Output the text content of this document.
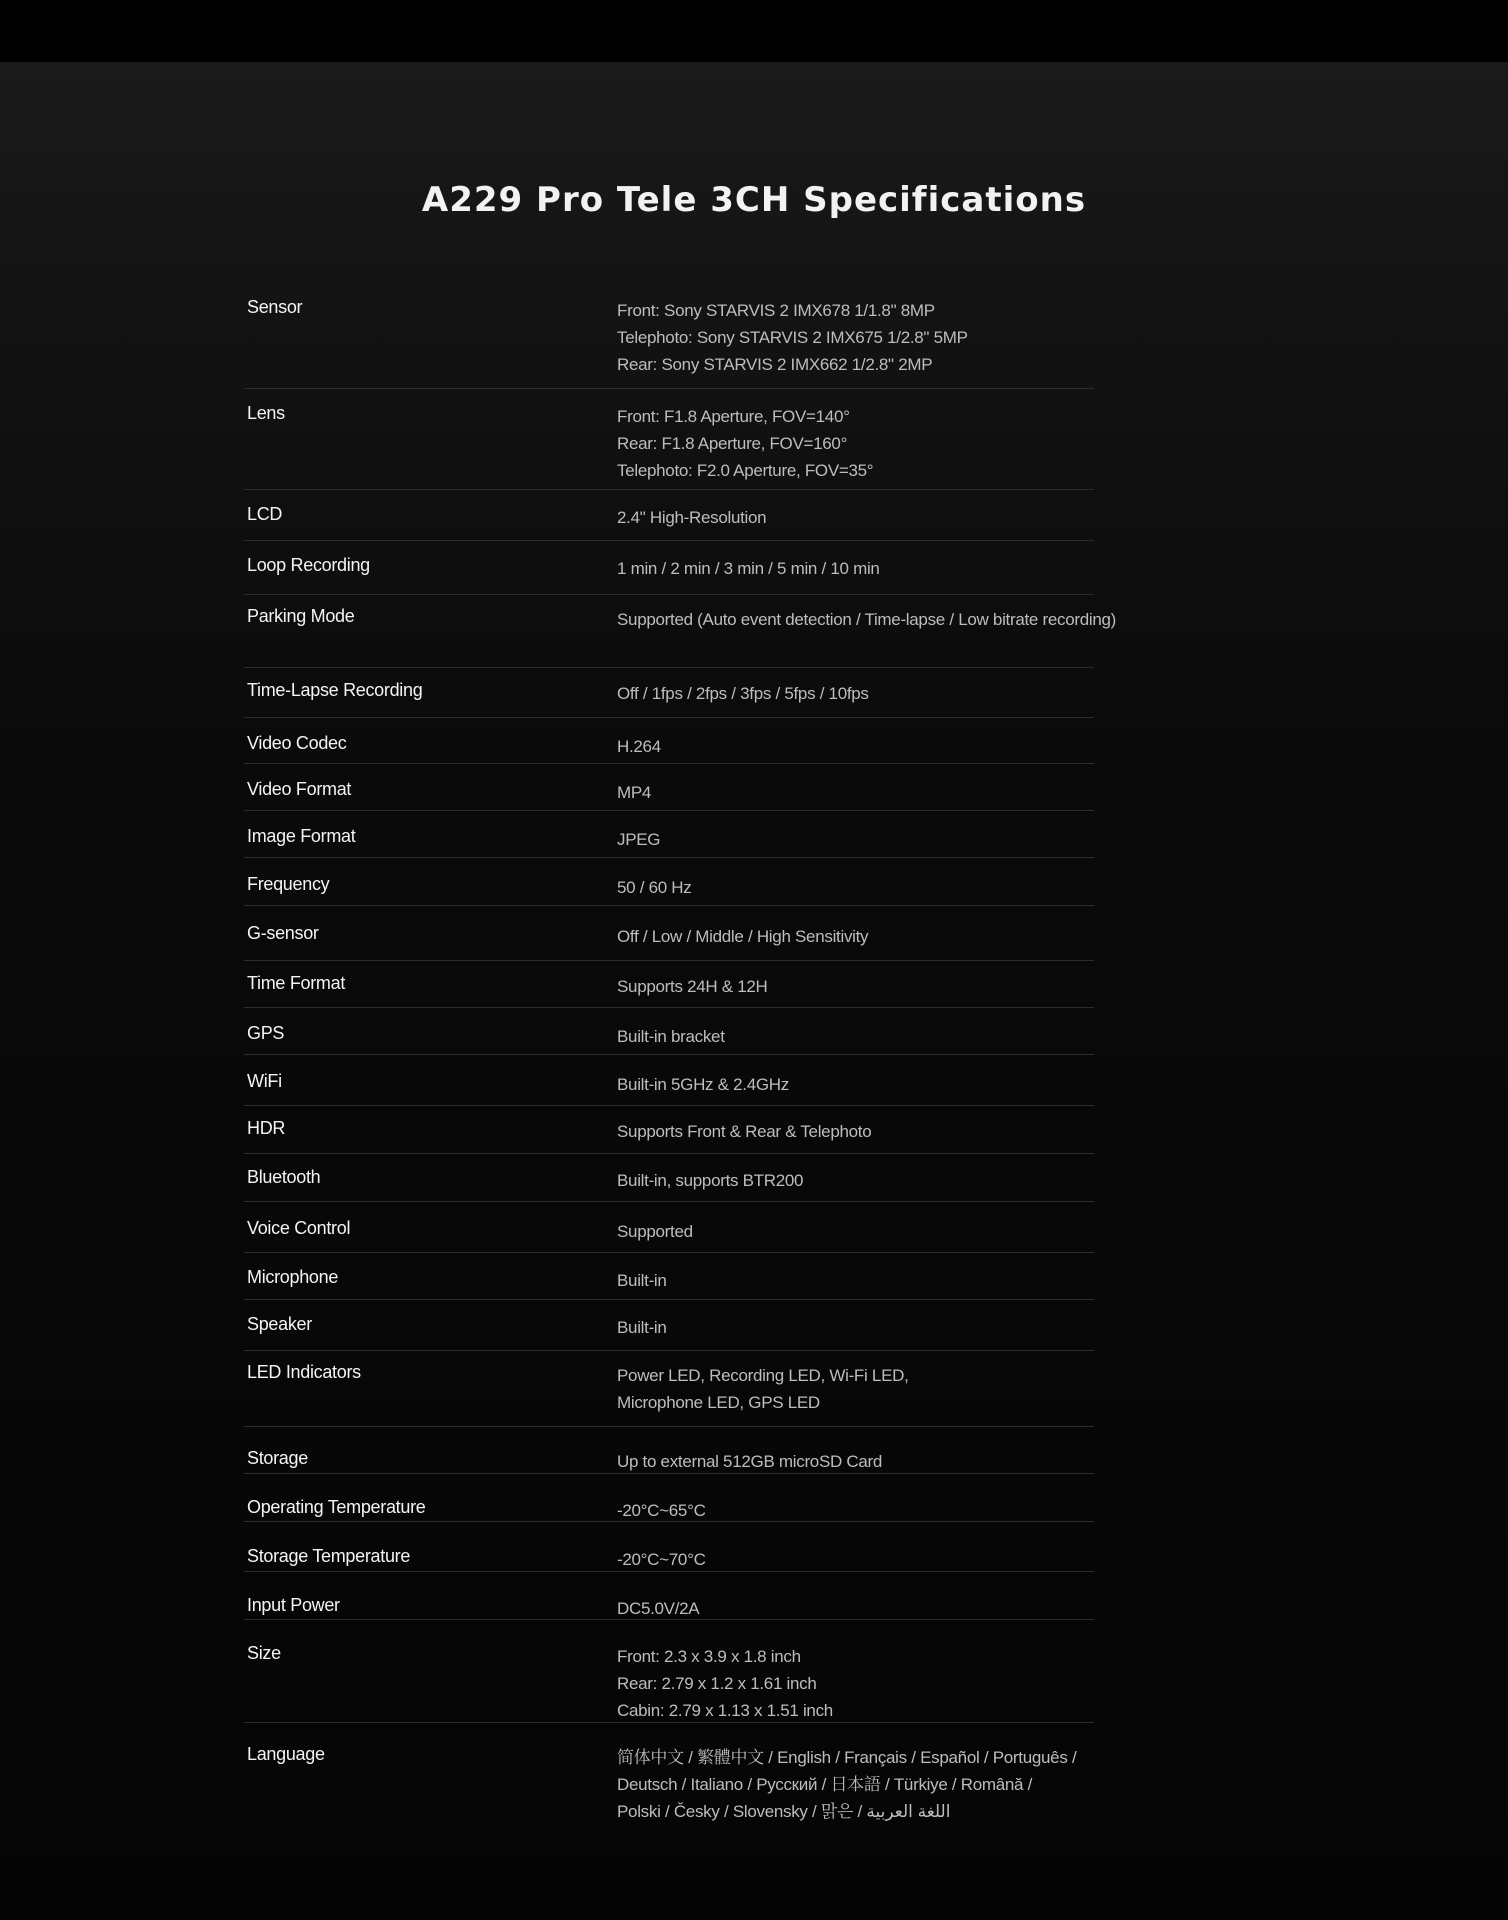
A229 Pro Tele 3CH Specifications
Sensor	Front: Sony STARVIS 2 IMX678 1/1.8" 8MP
Telephoto: Sony STARVIS 2 IMX675 1/2.8" 5MP
Rear: Sony STARVIS 2 IMX662 1/2.8" 2MP
Lens	Front: F1.8 Aperture, FOV=140°
Rear: F1.8 Aperture, FOV=160°
Telephoto: F2.0 Aperture, FOV=35°
LCD	2.4" High-Resolution
Loop Recording	1 min / 2 min / 3 min / 5 min / 10 min
Parking Mode	Supported (Auto event detection / Time-lapse / Low bitrate recording)
Time-Lapse Recording	Off / 1fps / 2fps / 3fps / 5fps / 10fps
Video Codec	H.264
Video Format	MP4
Image Format	JPEG
Frequency	50 / 60 Hz
G-sensor	Off / Low / Middle / High Sensitivity
Time Format	Supports 24H & 12H
GPS	Built-in bracket
WiFi	Built-in 5GHz & 2.4GHz
HDR	Supports Front & Rear & Telephoto
Bluetooth	Built-in, supports BTR200
Voice Control	Supported
Microphone	Built-in
Speaker	Built-in
LED Indicators	Power LED, Recording LED, Wi-Fi LED,
Microphone LED, GPS LED
Storage	Up to external 512GB microSD Card
Operating Temperature	-20°C~65°C
Storage Temperature	-20°C~70°C
Input Power	DC5.0V/2A
Size	Front: 2.3 x 3.9 x 1.8 inch
Rear: 2.79 x 1.2 x 1.61 inch
Cabin: 2.79 x 1.13 x 1.51 inch
Language	简体中文 / 繁體中文 / English / Français / Español / Português /
Deutsch / Italiano / Русский / 日本語 / Türkiye / Română /
Polski / Česky / Slovensky / 맑은 / اللغة العربية
